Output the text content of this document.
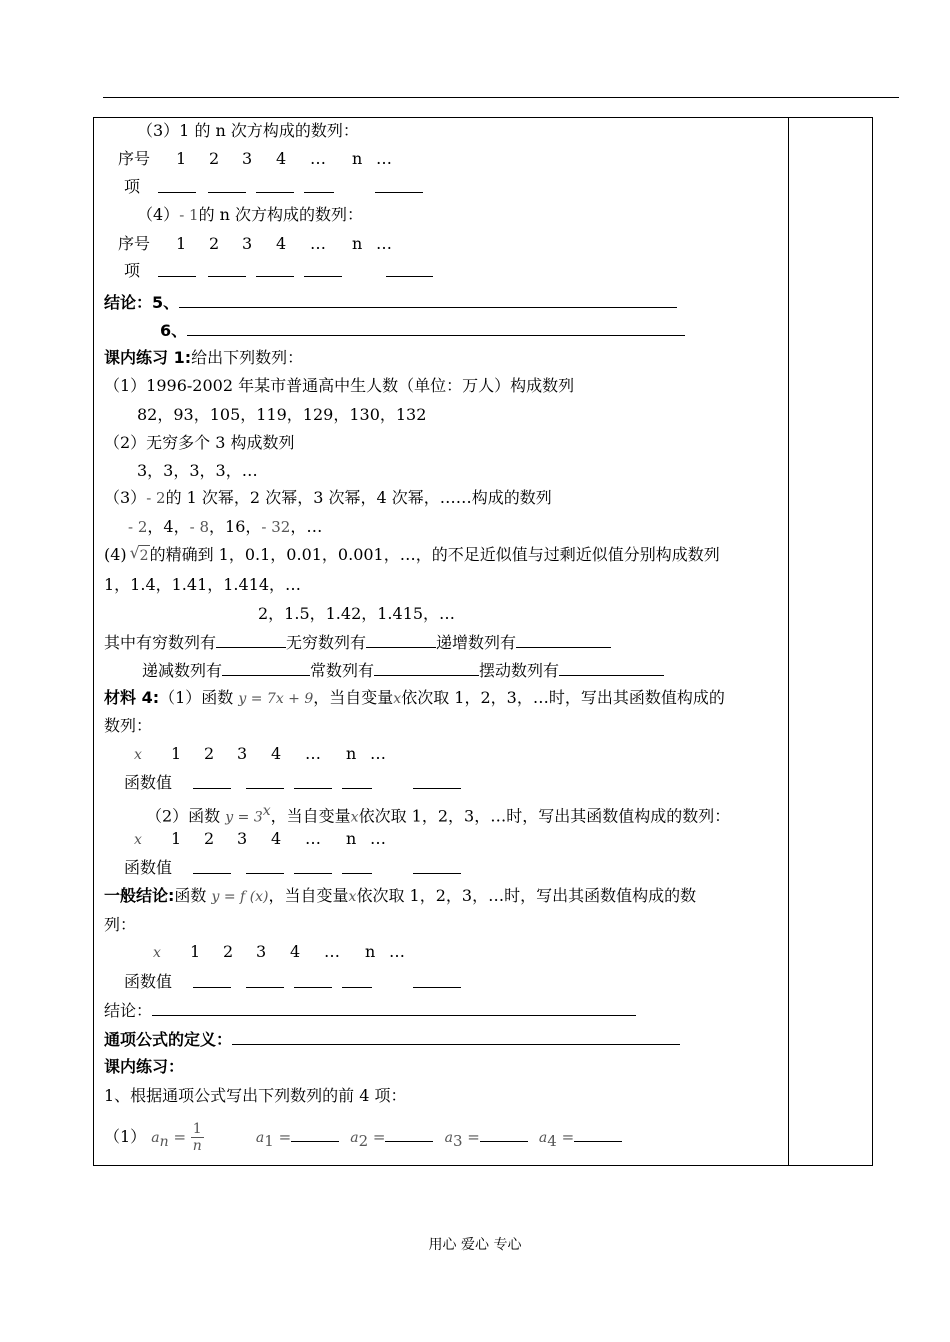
（3）1 的 n 次方构成的数列：
序号 1 2 3 4 … n …
项
（4）- 1的 n 次方构成的数列：
序号 1 2 3 4 … n …
项
结论：5、
6、
课内练习 1:给出下列数列：
（1）1996-2002 年某市普通高中生人数（单位：万人）构成数列
82，93，105，119，129，130，132
（2）无穷多个 3 构成数列
3，3，3，3，…
（3）- 2的 1 次幂，2 次幂，3 次幂，4 次幂，……构成的数列
- 2，4，- 8，16，- 32，…
(4)√ 2的精确到 1，0.1，0.01，0.001，…，的不足近似值与过剩近似值分别构成数列
1，1.4，1.41，1.414，…
2，1.5，1.42，1.415，…
其中有穷数列有	无穷数列有	递增数列有
递减数列有	常数列有	摆动数列有
材料 4:（1）函数 y = 7x + 9，当自变量x依次取 1，2，3，…时，写出其函数值构成的
数列：
x 1 2 3 4 … n …
函数值
（2）函数 $y = 3^x$，当自变量x依次取 1，2，3，…时，写出其函数值构成的数列：
x 1 2 3 4 … n …
函数值
一般结论:函数 y = f (x)，当自变量x依次取 1，2，3，…时，写出其函数值构成的数
列：
x 1 2 3 4 … n …
函数值
结论：
通项公式的定义：
课内练习：
1、根据通项公式写出下列数列的前 4 项：
（1） $a_n = \frac{1}{n}$	$a_1$ =	$a_2$ =	$a_3$ =	$a_4$ =
用心 爱心 专心
